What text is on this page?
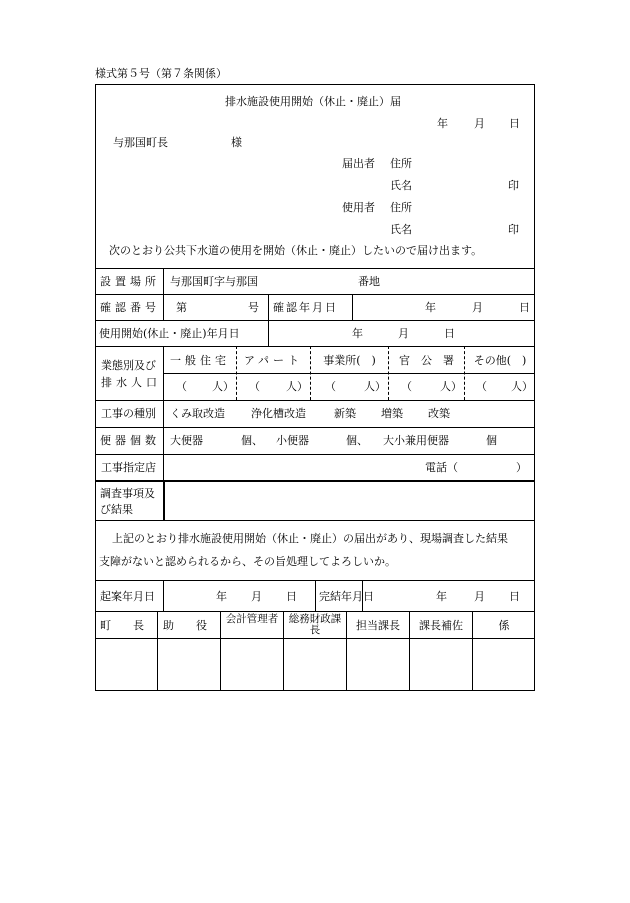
様式第５号（第７条関係）
排水施設使用開始（休止・廃止）届
年 月 日
与那国町長	様
届出者 住所
氏名	印
使用者 住所
氏名	印
次のとおり公共下水道の使用を開始（休止・廃止）したいので届け出ます。
設置場所 与那国町字与那国	番地
確認番号 第	号 確認年月日	年	月	日
使用開始(休止・廃止)年月日	年	月	日
業態別及び
排水人口
一般住宅	アパート	事業所(　)	官　公　署	その他(　)
（ 人） （ 人） （	人） （	人） （ 人）
工事の種別 くみ取改造 浄化槽改造	新築 増築 改築
便器個数 大便器	個、 小便器	個、 大小兼用便器	個
工事指定店	電話（	）
調査事項及
び結果
上記のとおり排水施設使用開始（休止・廃止）の届出があり、現場調査した結果
支障がないと認められるから、その旨処理してよろしいか。
起案年月日	年 月 日 完結年月日	年 月 日
町　　長 助　　役 会計管理者 総務財政課長	担当課長	課長補佐	係
